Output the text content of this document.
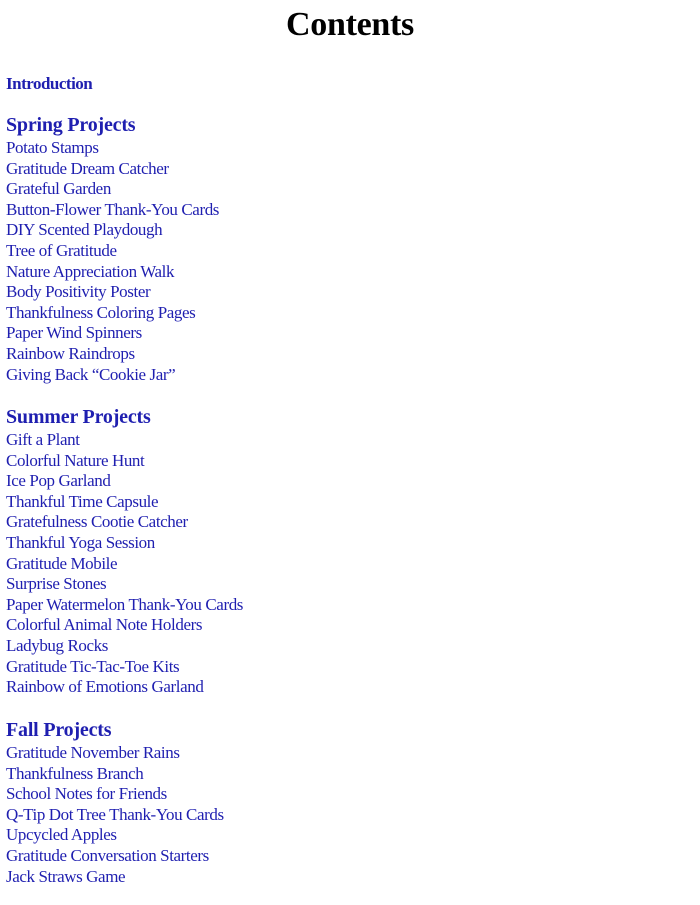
Contents
Introduction
Spring Projects
Potato Stamps
Gratitude Dream Catcher
Grateful Garden
Button-Flower Thank-You Cards
DIY Scented Playdough
Tree of Gratitude
Nature Appreciation Walk
Body Positivity Poster
Thankfulness Coloring Pages
Paper Wind Spinners
Rainbow Raindrops
Giving Back “Cookie Jar”
Summer Projects
Gift a Plant
Colorful Nature Hunt
Ice Pop Garland
Thankful Time Capsule
Gratefulness Cootie Catcher
Thankful Yoga Session
Gratitude Mobile
Surprise Stones
Paper Watermelon Thank-You Cards
Colorful Animal Note Holders
Ladybug Rocks
Gratitude Tic-Tac-Toe Kits
Rainbow of Emotions Garland
Fall Projects
Gratitude November Rains
Thankfulness Branch
School Notes for Friends
Q-Tip Dot Tree Thank-You Cards
Upcycled Apples
Gratitude Conversation Starters
Jack Straws Game
